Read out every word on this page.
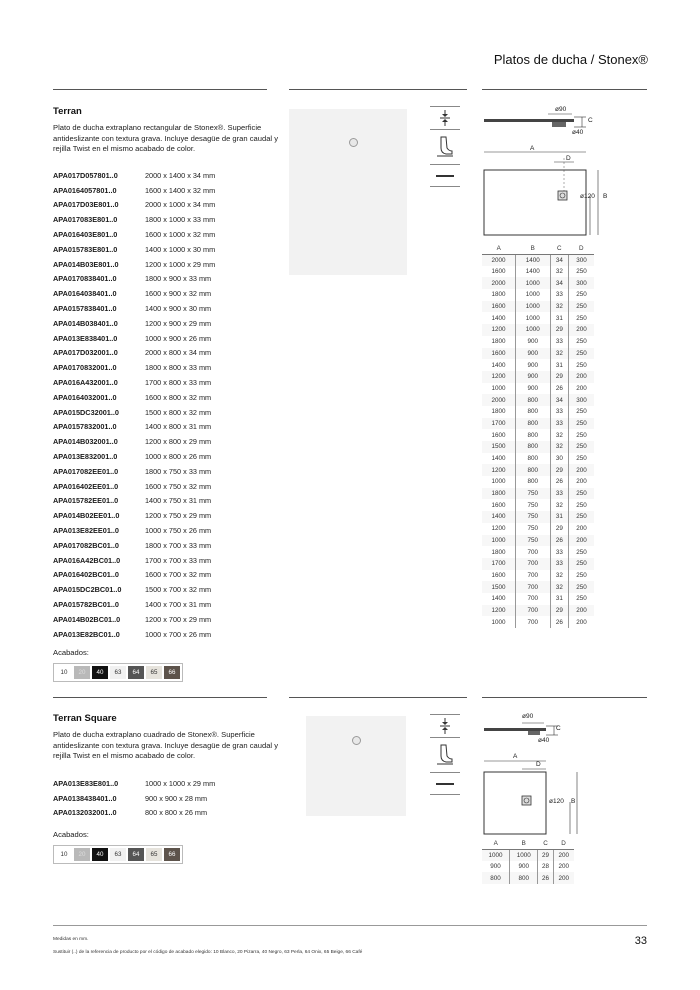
Platos de ducha / Stonex®
Terran
Plato de ducha extraplano rectangular de Stonex®. Superficie antideslizante con textura grava. Incluye desagüe de gran caudal y rejilla Twist en el mismo acabado de color.
APA017D057801..0	2000 x 1400 x 34 mm
APA0164057801..0	1600 x 1400 x 32 mm
APA017D03E801..0	2000 x 1000 x 34 mm
APA017083E801..0	1800 x 1000 x 33 mm
APA016403E801..0	1600 x 1000 x 32 mm
APA015783E801..0	1400 x 1000 x 30 mm
APA014B03E801..0	1200 x 1000 x 29 mm
APA0170838401..0	1800 x 900 x 33 mm
APA0164038401..0	1600 x 900 x 32 mm
APA0157838401..0	1400 x 900 x 30 mm
APA014B038401..0	1200 x 900 x 29 mm
APA013E838401..0	1000 x 900 x 26 mm
APA017D032001..0	2000 x 800 x 34 mm
APA0170832001..0	1800 x 800 x 33 mm
APA016A432001..0	1700 x 800 x 33 mm
APA0164032001..0	1600 x 800 x 32 mm
APA015DC32001..0	1500 x 800 x 32 mm
APA0157832001..0	1400 x 800 x 31 mm
APA014B032001..0	1200 x 800 x 29 mm
APA013E832001..0	1000 x 800 x 26 mm
APA017082EE01..0	1800 x 750 x 33 mm
APA016402EE01..0	1600 x 750 x 32 mm
APA015782EE01..0	1400 x 750 x 31 mm
APA014B02EE01..0	1200 x 750 x 29 mm
APA013E82EE01..0	1000 x 750 x 26 mm
APA017082BC01..0	1800 x 700 x 33 mm
APA016A42BC01..0	1700 x 700 x 33 mm
APA016402BC01..0	1600 x 700 x 32 mm
APA015DC2BC01..0	1500 x 700 x 32 mm
APA015782BC01..0	1400 x 700 x 31 mm
APA014B02BC01..0	1200 x 700 x 29 mm
APA013E82BC01..0	1000 x 700 x 26 mm
Acabados:
10	20	40	63	64	65	66
ø90
ø40
C
A
D
ø120 B
A	B	C	D
2000	1400	34	300
1600	1400	32	250
2000	1000	34	300
1800	1000	33	250
1600	1000	32	250
1400	1000	31	250
1200	1000	29	200
1800	900	33	250
1600	900	32	250
1400	900	31	250
1200	900	29	200
1000	900	26	200
2000	800	34	300
1800	800	33	250
1700	800	33	250
1600	800	32	250
1500	800	32	250
1400	800	30	250
1200	800	29	200
1000	800	26	200
1800	750	33	250
1600	750	32	250
1400	750	31	250
1200	750	29	200
1000	750	26	200
1800	700	33	250
1700	700	33	250
1600	700	32	250
1500	700	32	250
1400	700	31	250
1200	700	29	200
1000	700	26	200
Terran Square
Plato de ducha extraplano cuadrado de Stonex®. Superficie antideslizante con textura grava. Incluye desagüe de gran caudal y rejilla Twist en el mismo acabado de color.
APA013E83E801..0	1000 x 1000 x 29 mm
APA0138438401..0	900 x 900 x 28 mm
APA0132032001..0	800 x 800 x 26 mm
Acabados:
10	20	40	63	64	65	66
ø90
ø40
C
A
D
ø120 B
A	B	C	D
1000	1000	29	200
900	900	28	200
800	800	26	200
Medidas en mm.
Sustituir (..) de la referencia de producto por el código de acabado elegido: 10 Blanco, 20 Pizarra, 40 Negro, 63 Perla, 64 Onix, 65 Beige, 66 Café
33
